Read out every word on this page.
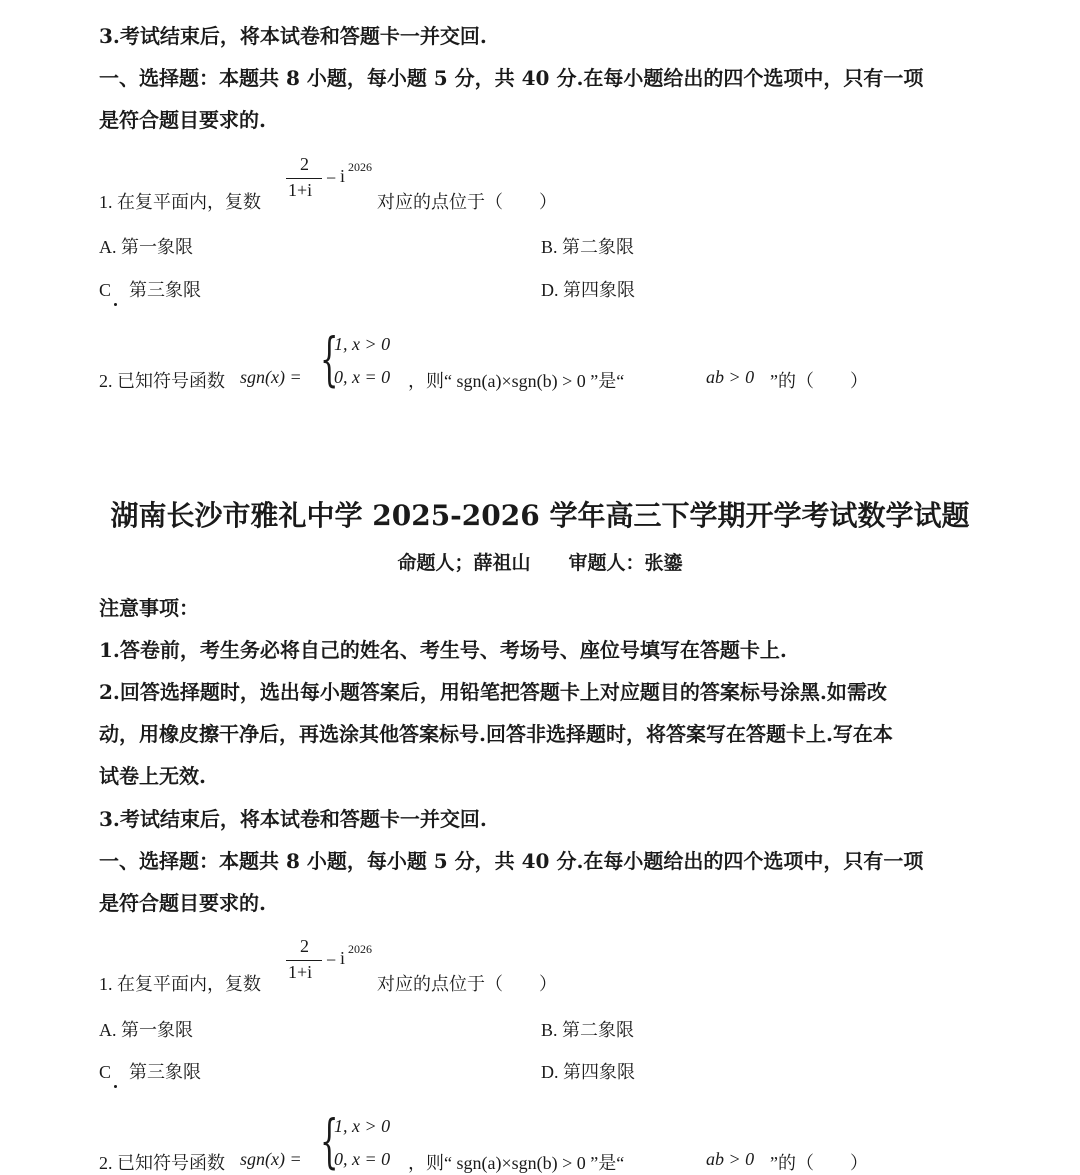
3.考试结束后，将本试卷和答题卡一并交回.
一、选择题：本题共 8 小题，每小题 5 分，共 40 分.在每小题给出的四个选项中，只有一项
是符合题目要求的.
1. 在复平面内，复数
2
1+i
− i 2026
对应的点位于（　　）
A. 第一象限	B. 第二象限
C　第三象限	D. 第四象限
2. 已知符号函数 sgn(x) = {
1, x > 0
0, x = 0 ，则“ sgn(a)×sgn(b) > 0 ”是“	ab > 0 ”的（　　）
湖南长沙市雅礼中学 2025-2026 学年高三下学期开学考试数学试题
命题人；薛祖山　　审题人：张鎏
注意事项：
1.答卷前，考生务必将自己的姓名、考生号、考场号、座位号填写在答题卡上.
2.回答选择题时，选出每小题答案后，用铅笔把答题卡上对应题目的答案标号涂黑.如需改
动，用橡皮擦干净后，再选涂其他答案标号.回答非选择题时，将答案写在答题卡上.写在本
试卷上无效.
3.考试结束后，将本试卷和答题卡一并交回.
一、选择题：本题共 8 小题，每小题 5 分，共 40 分.在每小题给出的四个选项中，只有一项
是符合题目要求的.
1. 在复平面内，复数
2
1+i
− i 2026
对应的点位于（　　）
A. 第一象限	B. 第二象限
C　第三象限	D. 第四象限
2. 已知符号函数 sgn(x) = {
1, x > 0
0, x = 0 ，则“ sgn(a)×sgn(b) > 0 ”是“	ab > 0 ”的（　　）
